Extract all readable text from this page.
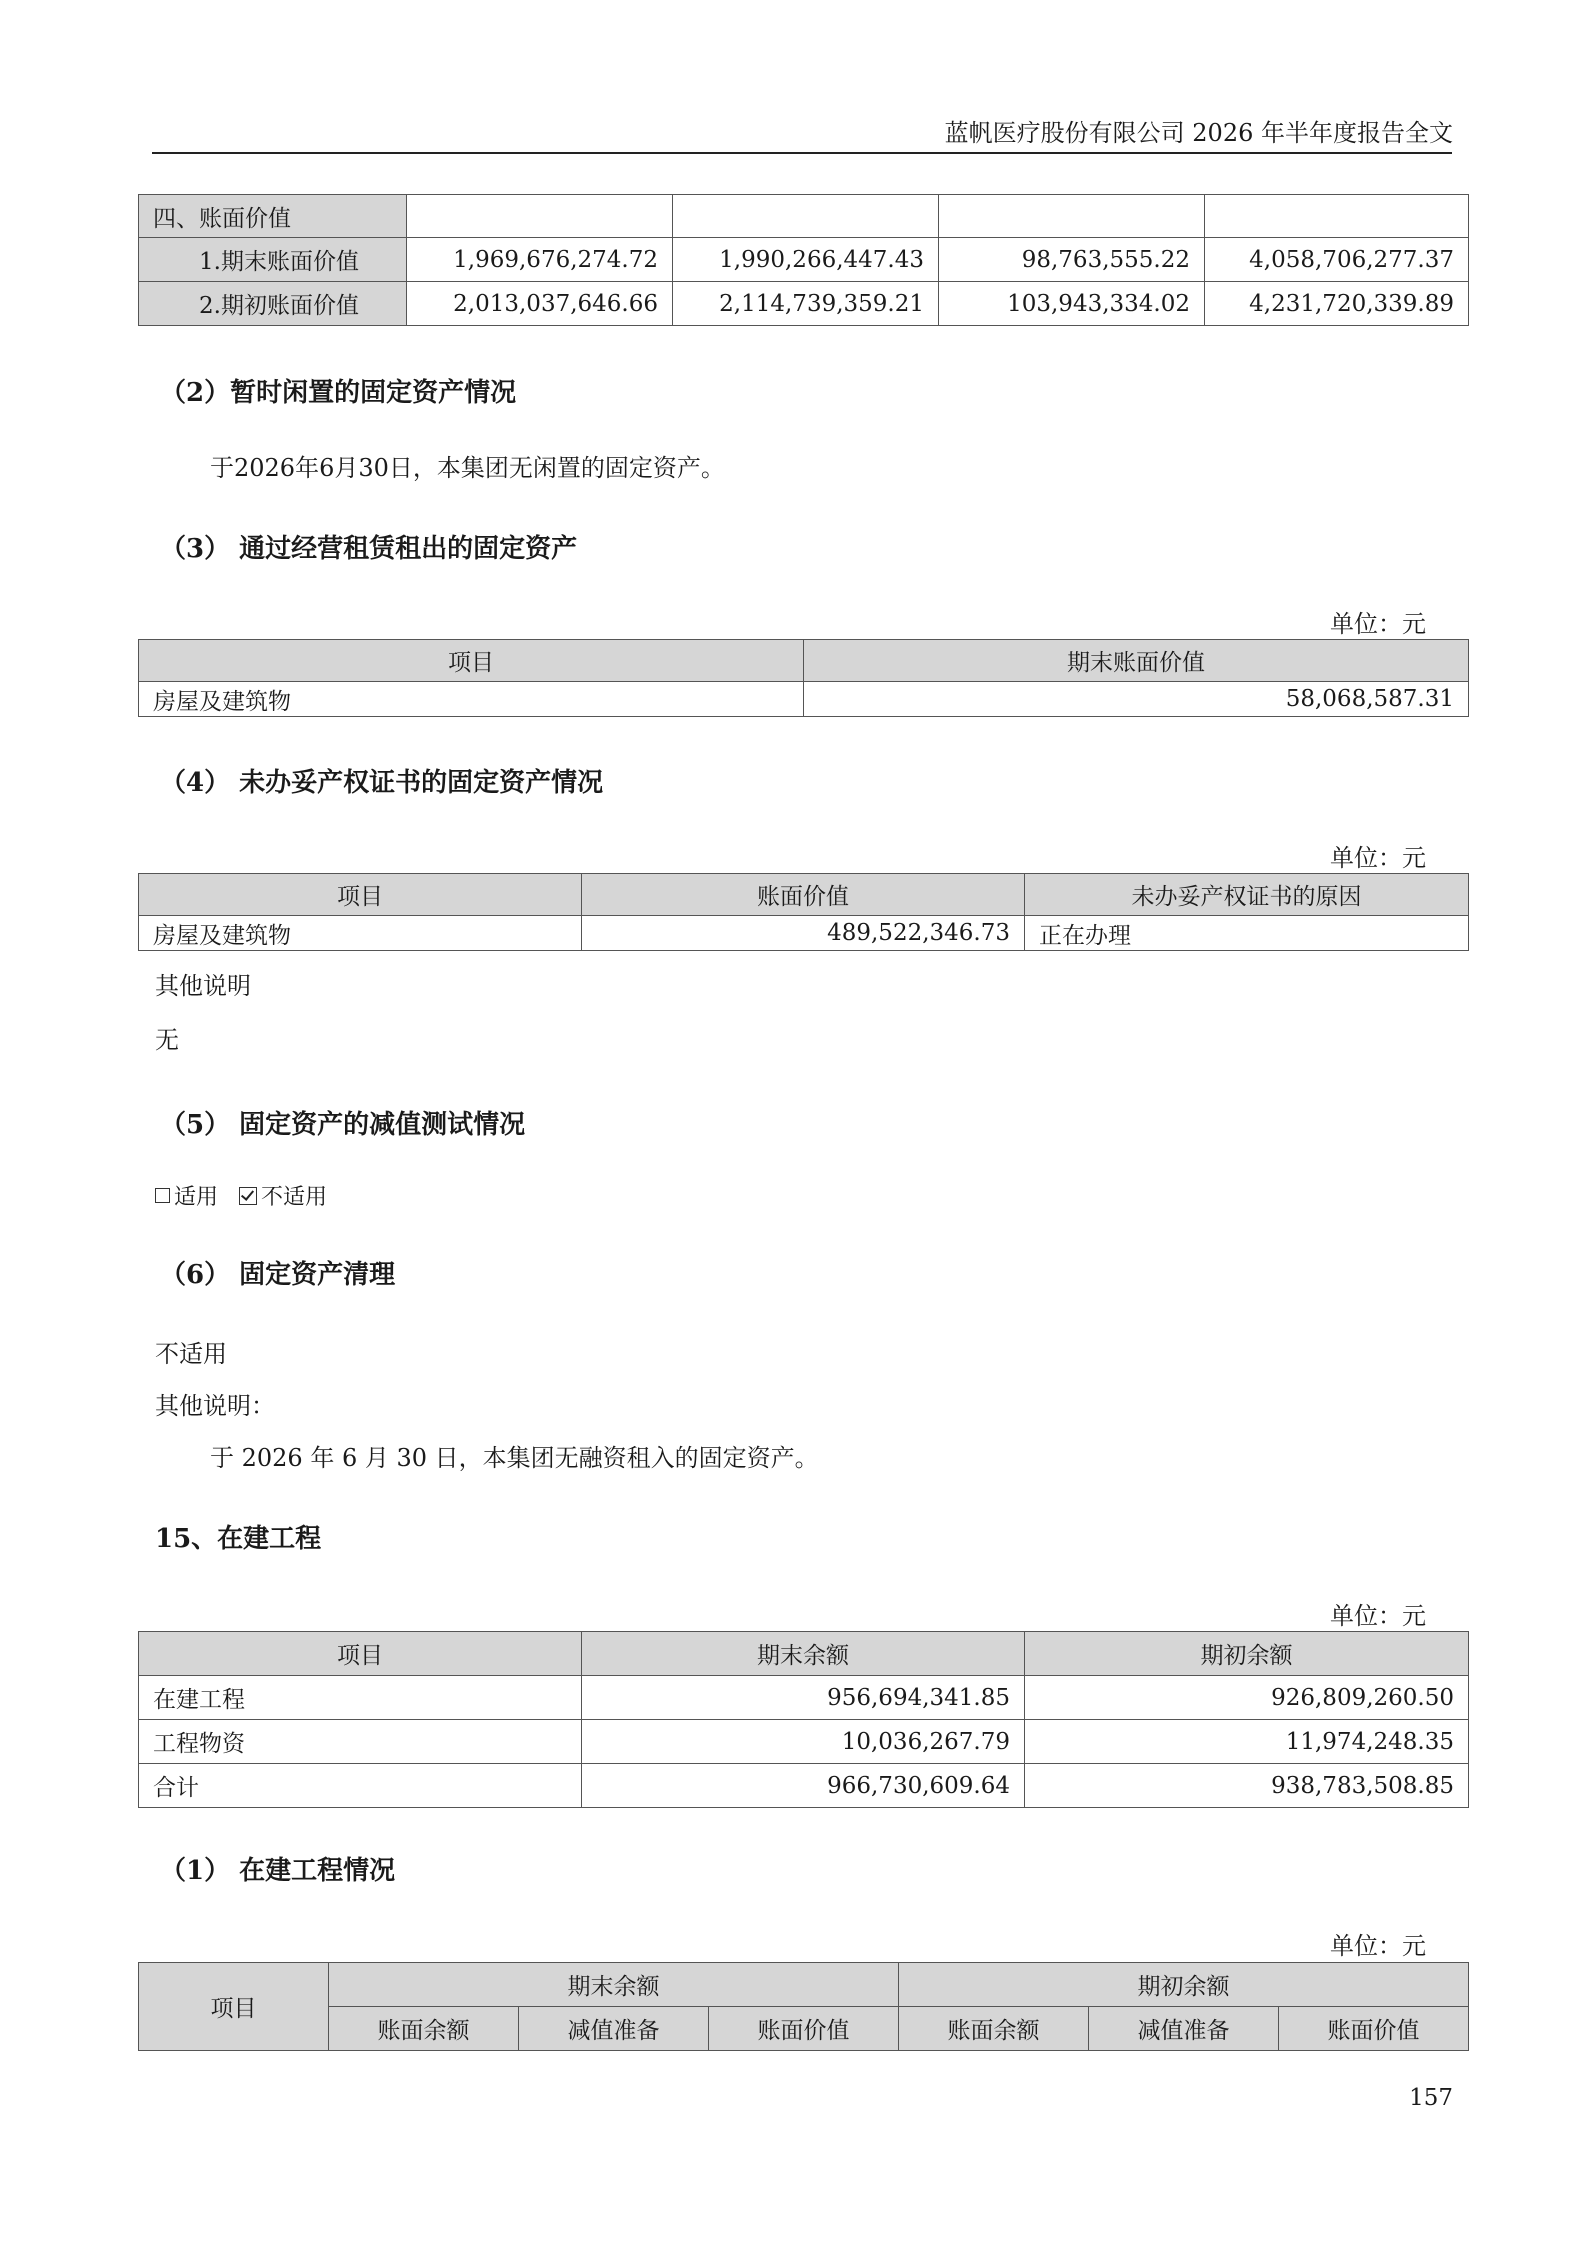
蓝帆医疗股份有限公司 2026 年半年度报告全文
四、账面价值				
1.期末账面价值	1,969,676,274.72	1,990,266,447.43	98,763,555.22	4,058,706,277.37
2.期初账面价值	2,013,037,646.66	2,114,739,359.21	103,943,334.02	4,231,720,339.89
（2）暂时闲置的固定资产情况
于2026年6月30日，本集团无闲置的固定资产。
（3） 通过经营租赁租出的固定资产
单位：元
项目	期末账面价值
房屋及建筑物	58,068,587.31
（4） 未办妥产权证书的固定资产情况
单位：元
项目	账面价值	未办妥产权证书的原因
房屋及建筑物	489,522,346.73	正在办理
其他说明
无
（5） 固定资产的减值测试情况
适用 不适用
（6） 固定资产清理
不适用
其他说明：
于 2026 年 6 月 30 日，本集团无融资租入的固定资产。
15、在建工程
单位：元
项目	期末余额	期初余额
在建工程	956,694,341.85	926,809,260.50
工程物资	10,036,267.79	11,974,248.35
合计	966,730,609.64	938,783,508.85
（1） 在建工程情况
单位：元
项目	期末余额			期初余额		
	账面余额	减值准备	账面价值	账面余额	减值准备	账面价值
157
